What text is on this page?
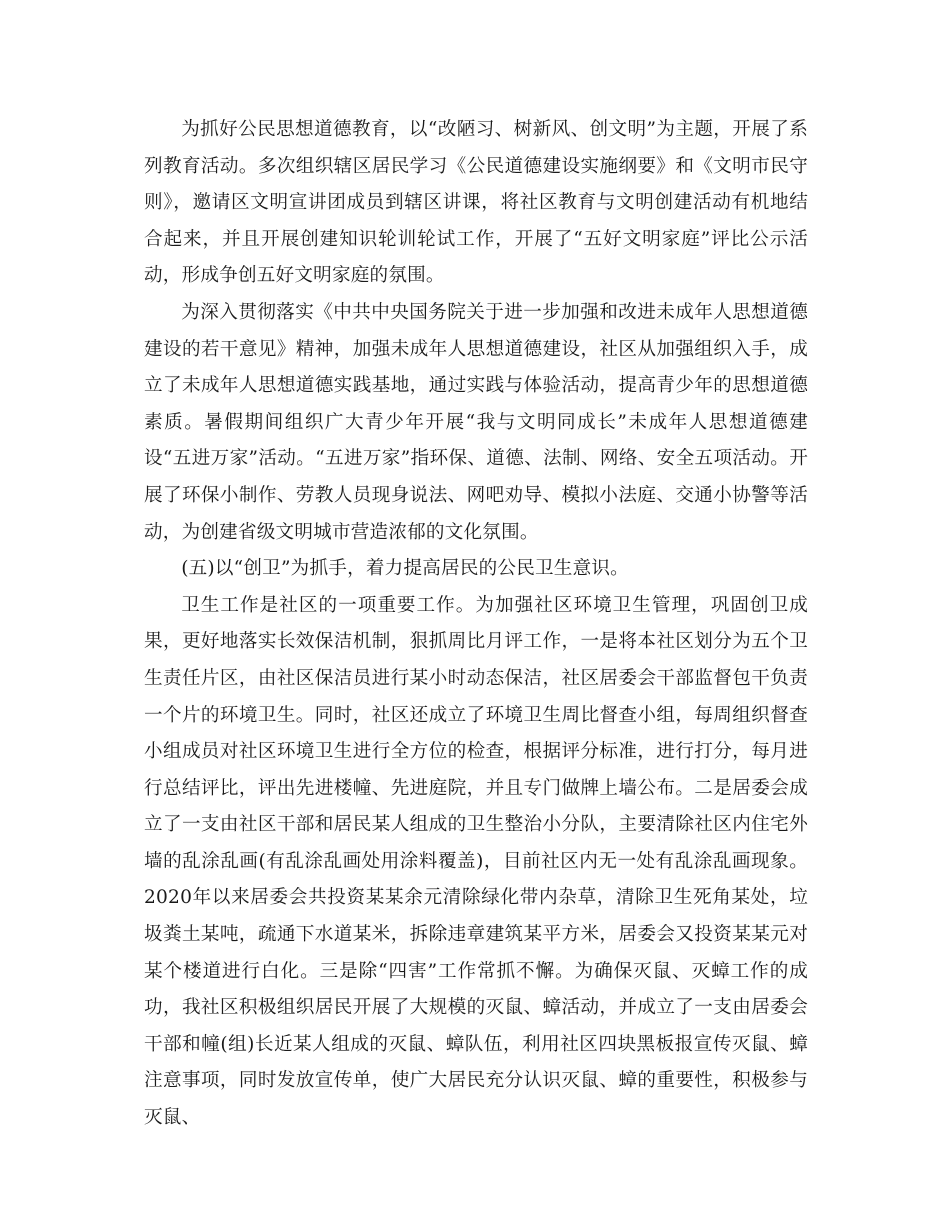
为抓好公民思想道德教育，以“改陋习、树新风、创文明”为主题，开展了系列教育活动。多次组织辖区居民学习《公民道德建设实施纲要》和《文明市民守则》，邀请区文明宣讲团成员到辖区讲课，将社区教育与文明创建活动有机地结合起来，并且开展创建知识轮训轮试工作，开展了“五好文明家庭”评比公示活动，形成争创五好文明家庭的氛围。

为深入贯彻落实《中共中央国务院关于进一步加强和改进未成年人思想道德建设的若干意见》精神，加强未成年人思想道德建设，社区从加强组织入手，成立了未成年人思想道德实践基地，通过实践与体验活动，提高青少年的思想道德素质。暑假期间组织广大青少年开展“我与文明同成长”未成年人思想道德建设“五进万家”活动。“五进万家”指环保、道德、法制、网络、安全五项活动。开展了环保小制作、劳教人员现身说法、网吧劝导、模拟小法庭、交通小协警等活动，为创建省级文明城市营造浓郁的文化氛围。

(五)以“创卫”为抓手，着力提高居民的公民卫生意识。

卫生工作是社区的一项重要工作。为加强社区环境卫生管理，巩固创卫成果，更好地落实长效保洁机制，狠抓周比月评工作，一是将本社区划分为五个卫生责任片区，由社区保洁员进行某小时动态保洁，社区居委会干部监督包干负责一个片的环境卫生。同时，社区还成立了环境卫生周比督查小组，每周组织督查小组成员对社区环境卫生进行全方位的检查，根据评分标准，进行打分，每月进行总结评比，评出先进楼幢、先进庭院，并且专门做牌上墙公布。二是居委会成立了一支由社区干部和居民某人组成的卫生整治小分队，主要清除社区内住宅外墙的乱涂乱画(有乱涂乱画处用涂料覆盖)，目前社区内无一处有乱涂乱画现象。2020年以来居委会共投资某某余元清除绿化带内杂草，清除卫生死角某处，垃圾粪土某吨，疏通下水道某米，拆除违章建筑某平方米，居委会又投资某某元对某个楼道进行白化。三是除“四害”工作常抓不懈。为确保灭鼠、灭蟑工作的成功，我社区积极组织居民开展了大规模的灭鼠、蟑活动，并成立了一支由居委会干部和幢(组)长近某人组成的灭鼠、蟑队伍，利用社区四块黑板报宣传灭鼠、蟑注意事项，同时发放宣传单，使广大居民充分认识灭鼠、蟑的重要性，积极参与灭鼠、
